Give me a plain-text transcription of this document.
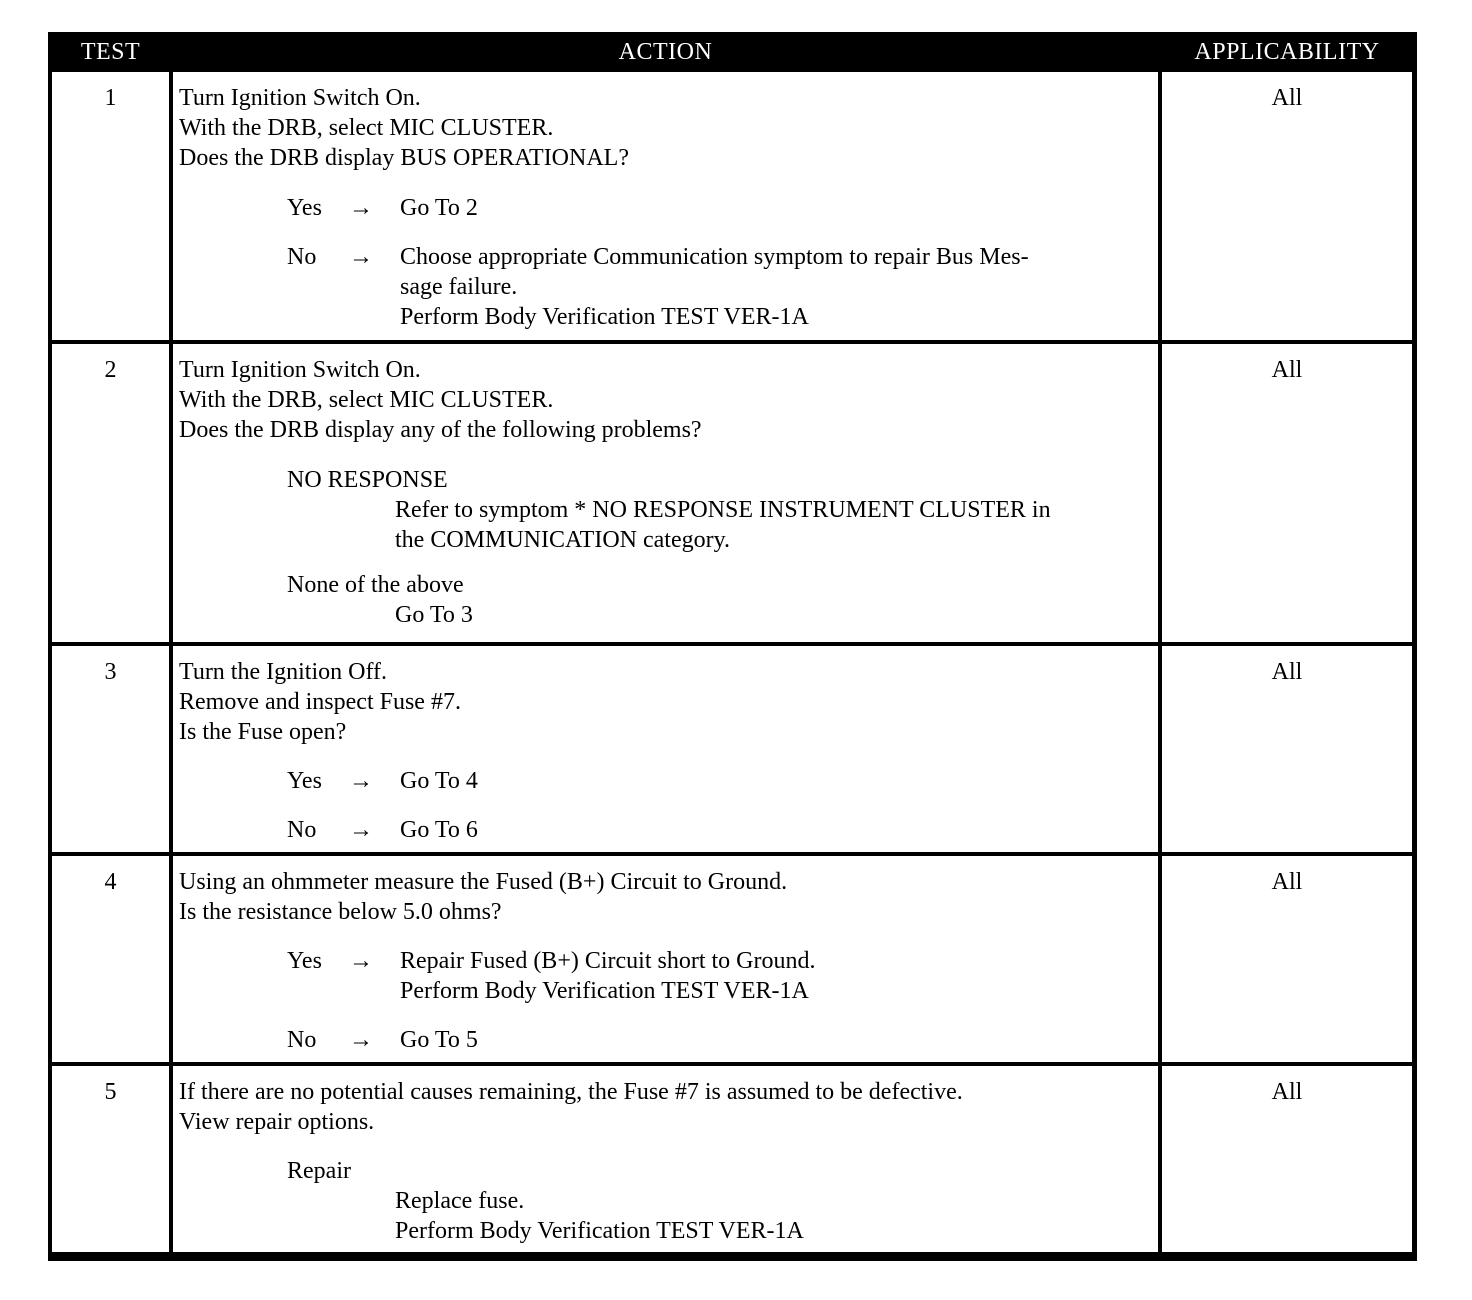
TEST	ACTION	APPLICABILITY
1	Turn Ignition Switch On.
With the DRB, select MIC CLUSTER.
Does the DRB display BUS OPERATIONAL?
Yes → Go To 2
No → Choose appropriate Communication symptom to repair Bus Mes-
sage failure.
Perform Body Verification TEST VER-1A
All
2	Turn Ignition Switch On.
With the DRB, select MIC CLUSTER.
Does the DRB display any of the following problems?
NO RESPONSE
Refer to symptom * NO RESPONSE INSTRUMENT CLUSTER in
the COMMUNICATION category.
None of the above
Go To 3
All
3	Turn the Ignition Off.
Remove and inspect Fuse #7.
Is the Fuse open?
Yes → Go To 4
No → Go To 6
All
4	Using an ohmmeter measure the Fused (B+) Circuit to Ground.
Is the resistance below 5.0 ohms?
Yes → Repair Fused (B+) Circuit short to Ground.
Perform Body Verification TEST VER-1A
No → Go To 5
All
5	If there are no potential causes remaining, the Fuse #7 is assumed to be defective.
View repair options.
Repair
Replace fuse.
Perform Body Verification TEST VER-1A
All
